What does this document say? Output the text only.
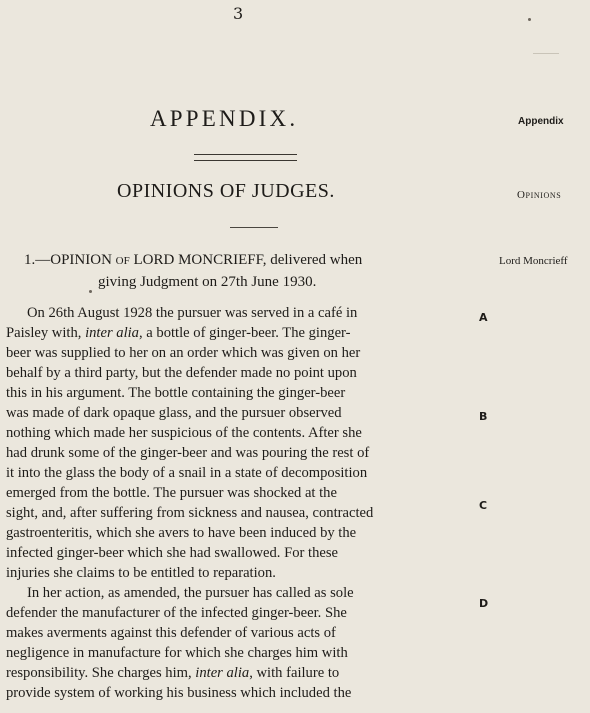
3
APPENDIX.
OPINIONS OF JUDGES.
Appendix
Opinions
Lord Moncrieff
1.—OPINION of LORD MONCRIEFF, delivered when
giving Judgment on 27th June 1930.
On 26th August 1928 the pursuer was served in a café in
Paisley with, inter alia, a bottle of ginger-beer. The ginger-
beer was supplied to her on an order which was given on her
behalf by a third party, but the defender made no point upon
this in his argument. The bottle containing the ginger-beer
was made of dark opaque glass, and the pursuer observed
nothing which made her suspicious of the contents. After she
had drunk some of the ginger-beer and was pouring the rest of
it into the glass the body of a snail in a state of decomposition
emerged from the bottle. The pursuer was shocked at the
sight, and, after suffering from sickness and nausea, contracted
gastroenteritis, which she avers to have been induced by the
infected ginger-beer which she had swallowed. For these
injuries she claims to be entitled to reparation.
In her action, as amended, the pursuer has called as sole
defender the manufacturer of the infected ginger-beer. She
makes averments against this defender of various acts of
negligence in manufacture for which she charges him with
responsibility. She charges him, inter alia, with failure to
provide system of working his business which included the
A
B
C
D
